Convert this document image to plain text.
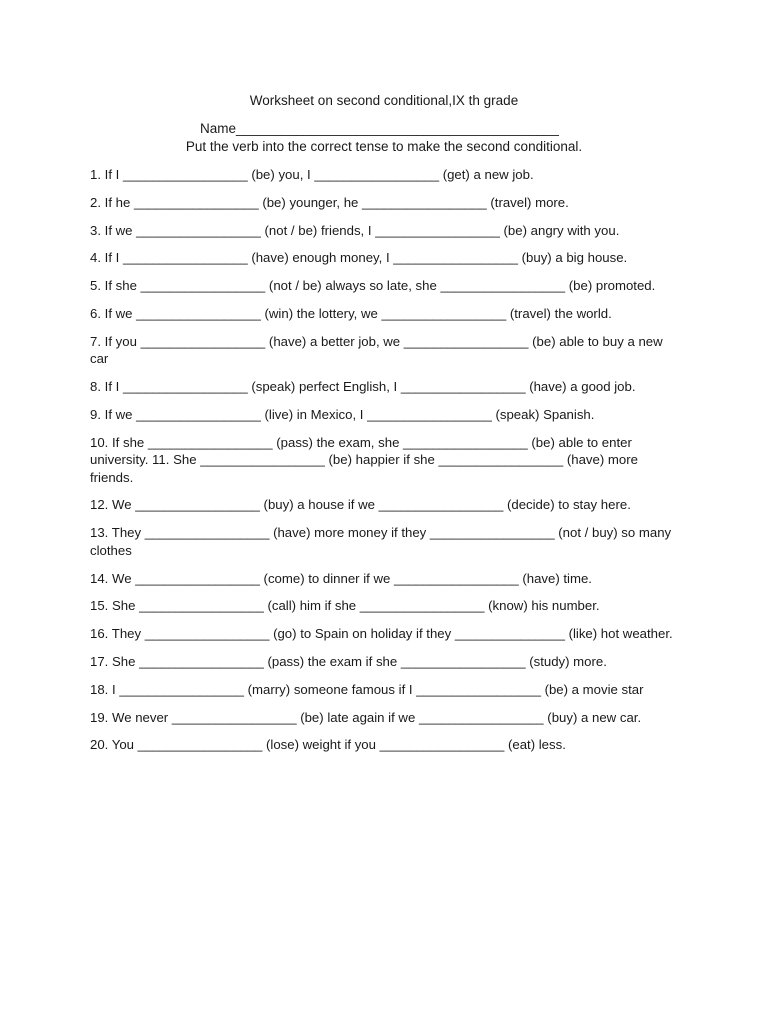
Worksheet on second conditional,IX th grade
Name___________________________________________
Put the verb into the correct tense to make the second conditional.
1. If I _________________ (be) you, I _________________ (get) a new job.
2. If he _________________ (be) younger, he _________________ (travel) more.
3. If we _________________ (not / be) friends, I _________________ (be) angry with you.
4. If I _________________ (have) enough money, I _________________ (buy) a big house.
5. If she _________________ (not / be) always so late, she _________________ (be) promoted.
6. If we _________________ (win) the lottery, we _________________ (travel) the world.
7. If you _________________ (have) a better job, we _________________ (be) able to buy a new car
8. If I _________________ (speak) perfect English, I _________________ (have) a good job.
9. If we _________________ (live) in Mexico, I _________________ (speak) Spanish.
10. If she _________________ (pass) the exam, she _________________ (be) able to enter university. 11. She _________________ (be) happier if she _________________ (have) more friends.
12. We _________________ (buy) a house if we _________________ (decide) to stay here.
13. They _________________ (have) more money if they _________________ (not / buy) so many clothes
14. We _________________ (come) to dinner if we _________________ (have) time.
15. She _________________ (call) him if she _________________ (know) his number.
16. They _________________ (go) to Spain on holiday if they _______________ (like) hot weather.
17. She _________________ (pass) the exam if she _________________ (study) more.
18. I _________________ (marry) someone famous if I _________________ (be) a movie star
19. We never _________________ (be) late again if we _________________ (buy) a new car.
20. You _________________ (lose) weight if you _________________ (eat) less.
